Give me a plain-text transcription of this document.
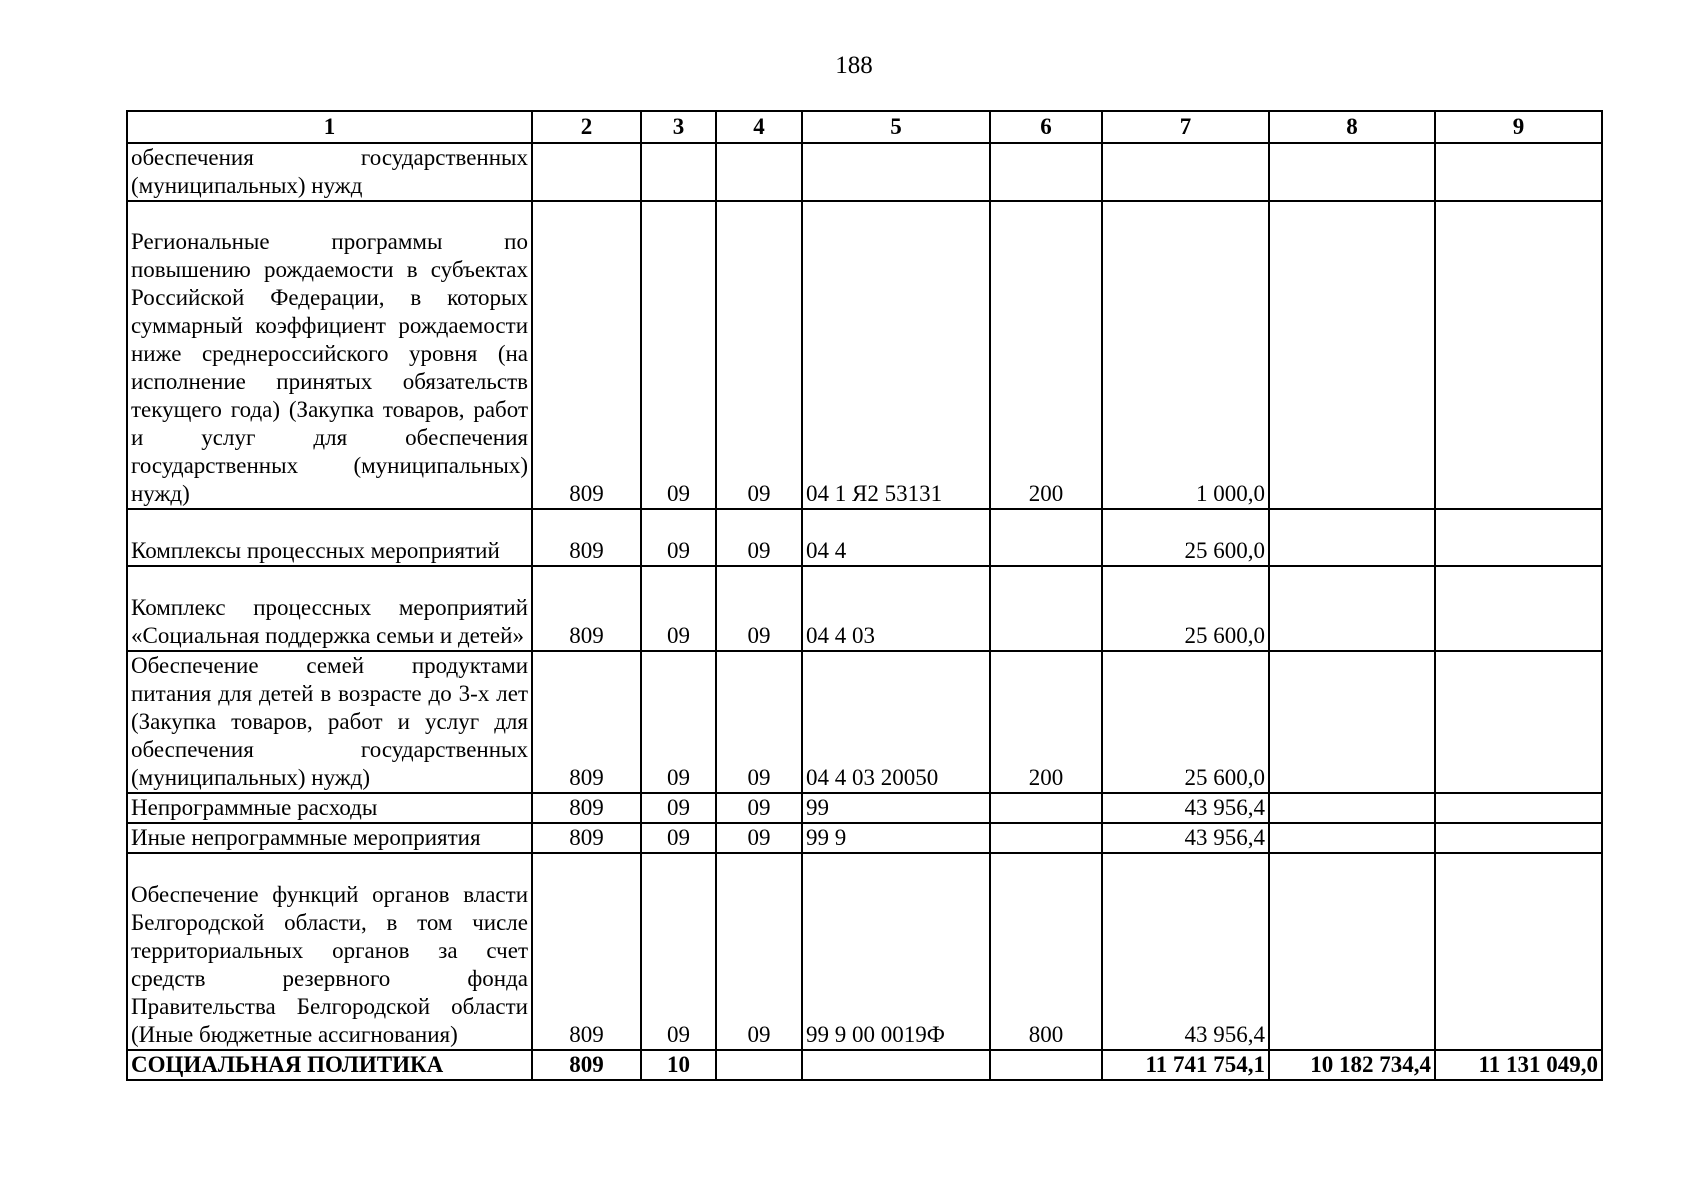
188
1	2	3	4	5	6	7	8	9
обеспечения государственных (муниципальных) нужд								
Региональные программы по повышению рождаемости в субъектах Российской Федерации, в которых суммарный коэффициент рождаемости ниже среднероссийского уровня (на исполнение принятых обязательств текущего года) (Закупка товаров, работ и услуг для обеспечения государственных (муниципальных) нужд)	809	09	09	04 1 Я2 53131	200	1 000,0		
Комплексы процессных мероприятий	809	09	09	04 4		25 600,0		
Комплекс процессных мероприятий «Социальная поддержка семьи и детей»	809	09	09	04 4 03		25 600,0		
Обеспечение семей продуктами питания для детей в возрасте до 3-х лет (Закупка товаров, работ и услуг для обеспечения государственных (муниципальных) нужд)	809	09	09	04 4 03 20050	200	25 600,0		
Непрограммные расходы	809	09	09	99		43 956,4		
Иные непрограммные мероприятия	809	09	09	99 9		43 956,4		
Обеспечение функций органов власти Белгородской области, в том числе территориальных органов за счет средств резервного фонда Правительства Белгородской области (Иные бюджетные ассигнования)	809	09	09	99 9 00 0019Ф	800	43 956,4		
СОЦИАЛЬНАЯ ПОЛИТИКА	809	10				11 741 754,1	10 182 734,4	11 131 049,0
